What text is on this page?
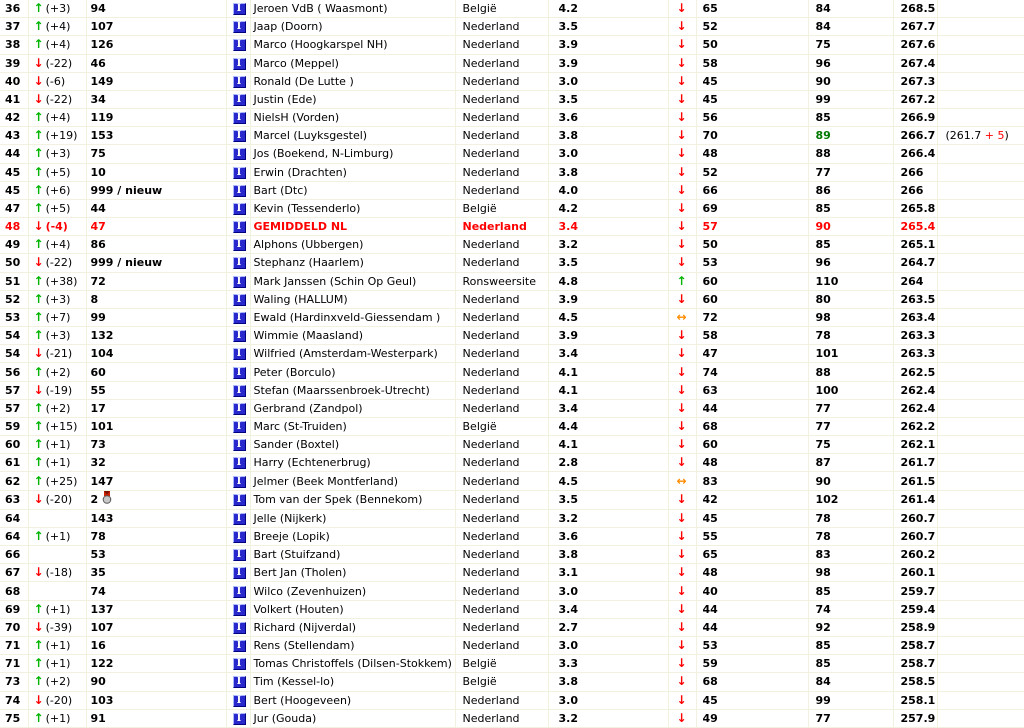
36	↑ (+3)	94	I	Jeroen VdB ( Waasmont)	België	4.2	↓	65	84	268.5	
37	↑ (+4)	107	I	Jaap (Doorn)	Nederland	3.5	↓	52	84	267.7	
38	↑ (+4)	126	I	Marco (Hoogkarspel NH)	Nederland	3.9	↓	50	75	267.6	
39	↓ (-22)	46	I	Marco (Meppel)	Nederland	3.9	↓	58	96	267.4	
40	↓ (-6)	149	I	Ronald (De Lutte )	Nederland	3.0	↓	45	90	267.3	
41	↓ (-22)	34	I	Justin (Ede)	Nederland	3.5	↓	45	99	267.2	
42	↑ (+4)	119	I	NielsH (Vorden)	Nederland	3.6	↓	56	85	266.9	
43	↑ (+19)	153	I	Marcel (Luyksgestel)	Nederland	3.8	↓	70	89	266.7	(261.7 + 5)
44	↑ (+3)	75	I	Jos (Boekend, N-Limburg)	Nederland	3.0	↓	48	88	266.4	
45	↑ (+5)	10	I	Erwin (Drachten)	Nederland	3.8	↓	52	77	266	
45	↑ (+6)	999 / nieuw	I	Bart (Dtc)	Nederland	4.0	↓	66	86	266	
47	↑ (+5)	44	I	Kevin (Tessenderlo)	België	4.2	↓	69	85	265.8	
48	↓ (-4)	47	I	GEMIDDELD NL	Nederland	3.4	↓	57	90	265.4	
49	↑ (+4)	86	I	Alphons (Ubbergen)	Nederland	3.2	↓	50	85	265.1	
50	↓ (-22)	999 / nieuw	I	Stephanz (Haarlem)	Nederland	3.5	↓	53	96	264.7	
51	↑ (+38)	72	I	Mark Janssen (Schin Op Geul)	Ronsweersite	4.8	↑	60	110	264	
52	↑ (+3)	8	I	Waling (HALLUM)	Nederland	3.9	↓	60	80	263.5	
53	↑ (+7)	99	I	Ewald (Hardinxveld-Giessendam )	Nederland	4.5	↔	72	98	263.4	
54	↑ (+3)	132	I	Wimmie (Maasland)	Nederland	3.9	↓	58	78	263.3	
54	↓ (-21)	104	I	Wilfried (Amsterdam-Westerpark)	Nederland	3.4	↓	47	101	263.3	
56	↑ (+2)	60	I	Peter (Borculo)	Nederland	4.1	↓	74	88	262.5	
57	↓ (-19)	55	I	Stefan (Maarssenbroek-Utrecht)	Nederland	4.1	↓	63	100	262.4	
57	↑ (+2)	17	I	Gerbrand (Zandpol)	Nederland	3.4	↓	44	77	262.4	
59	↑ (+15)	101	I	Marc (St-Truiden)	België	4.4	↓	68	77	262.2	
60	↑ (+1)	73	I	Sander (Boxtel)	Nederland	4.1	↓	60	75	262.1	
61	↑ (+1)	32	I	Harry (Echtenerbrug)	Nederland	2.8	↓	48	87	261.7	
62	↑ (+25)	147	I	Jelmer (Beek Montferland)	Nederland	4.5	↔	83	90	261.5	
63	↓ (-20)	2	I	Tom van der Spek (Bennekom)	Nederland	3.5	↓	42	102	261.4	
64		143	I	Jelle (Nijkerk)	Nederland	3.2	↓	45	78	260.7	
64	↑ (+1)	78	I	Breeje (Lopik)	Nederland	3.6	↓	55	78	260.7	
66		53	I	Bart (Stuifzand)	Nederland	3.8	↓	65	83	260.2	
67	↓ (-18)	35	I	Bert Jan (Tholen)	Nederland	3.1	↓	48	98	260.1	
68		74	I	Wilco (Zevenhuizen)	Nederland	3.0	↓	40	85	259.7	
69	↑ (+1)	137	I	Volkert (Houten)	Nederland	3.4	↓	44	74	259.4	
70	↓ (-39)	107	I	Richard (Nijverdal)	Nederland	2.7	↓	44	92	258.9	
71	↑ (+1)	16	I	Rens (Stellendam)	Nederland	3.0	↓	53	85	258.7	
71	↑ (+1)	122	I	Tomas Christoffels (Dilsen-Stokkem)	België	3.3	↓	59	85	258.7	
73	↑ (+2)	90	I	Tim (Kessel-lo)	België	3.8	↓	68	84	258.5	
74	↓ (-20)	103	I	Bert (Hoogeveen)	Nederland	3.0	↓	45	99	258.1	
75	↑ (+1)	91	I	Jur (Gouda)	Nederland	3.2	↓	49	77	257.9	
